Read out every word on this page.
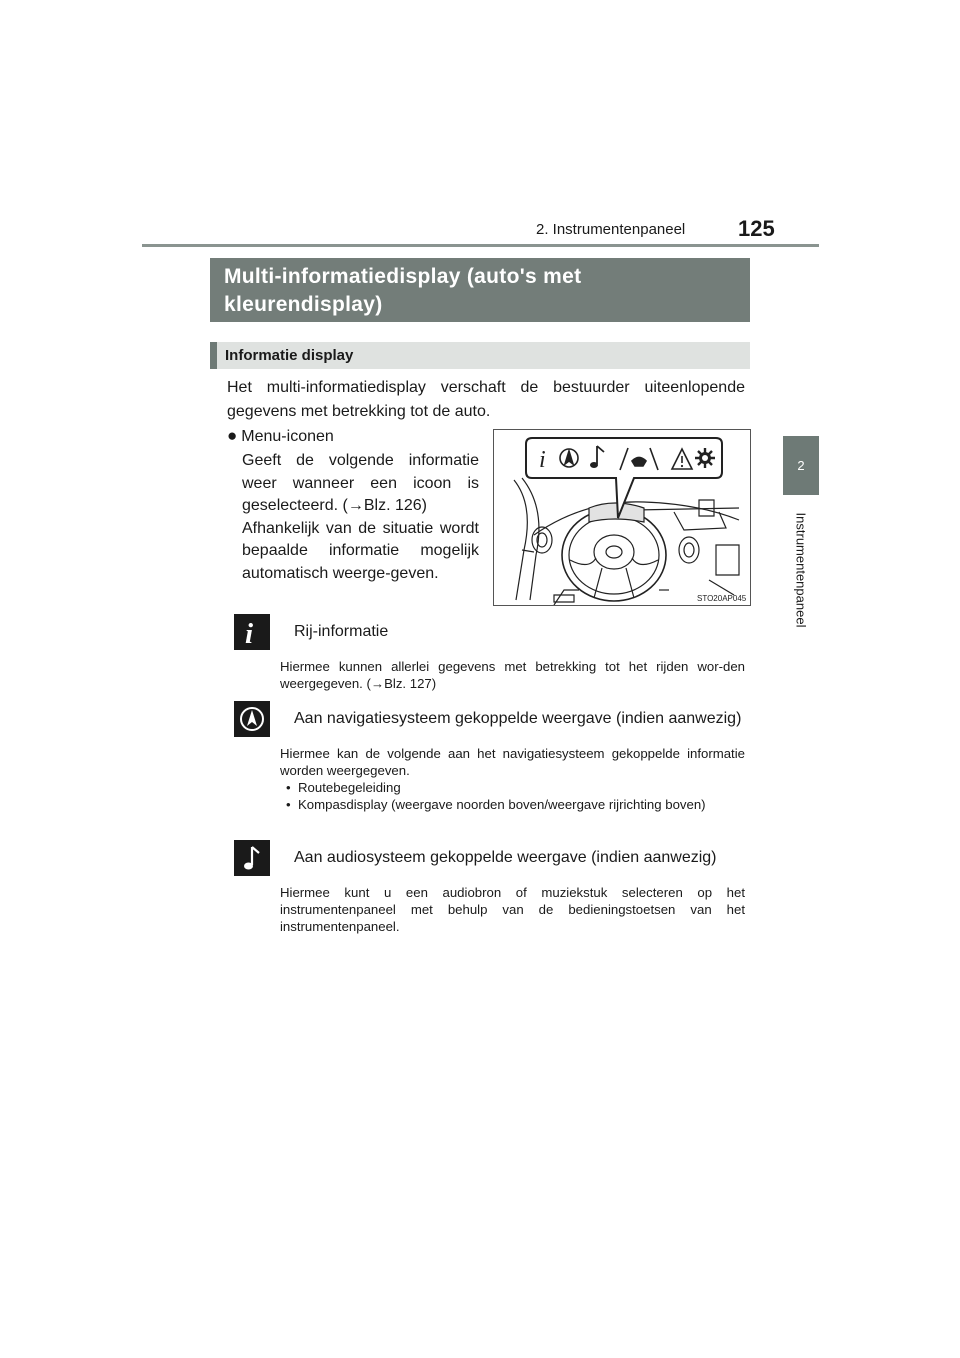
2. Instrumentenpaneel 125
2
Instrumentenpaneel
Multi-informatiedisplay (auto's met
kleurendisplay)
Informatie display
Het multi-informatiedisplay verschaft de bestuurder uiteenlopende gegevens met betrekking tot de auto.
● Menu-iconen

Geeft de volgende informatie weer wanneer een icoon is geselecteerd. (→Blz. 126)

Afhankelijk van de situatie wordt bepaalde informatie mogelijk automatisch weerge-geven.

i
STO20AP045
i	Rij-informatie

Hiermee kunnen allerlei gegevens met betrekking tot het rijden wor-den weergegeven. (→Blz. 127)

Aan navigatiesysteem gekoppelde weergave (indien aanwezig)

Hiermee kan de volgende aan het navigatiesysteem gekoppelde informatie worden weergegeven.

• Routebegeleiding
• Kompasdisplay (weergave noorden boven/weergave rijrichting boven)
Aan audiosysteem gekoppelde weergave (indien aanwezig)

Hiermee kunt u een audiobron of muziekstuk selecteren op het instrumentenpaneel met behulp van de bedieningstoetsen van het instrumentenpaneel.
